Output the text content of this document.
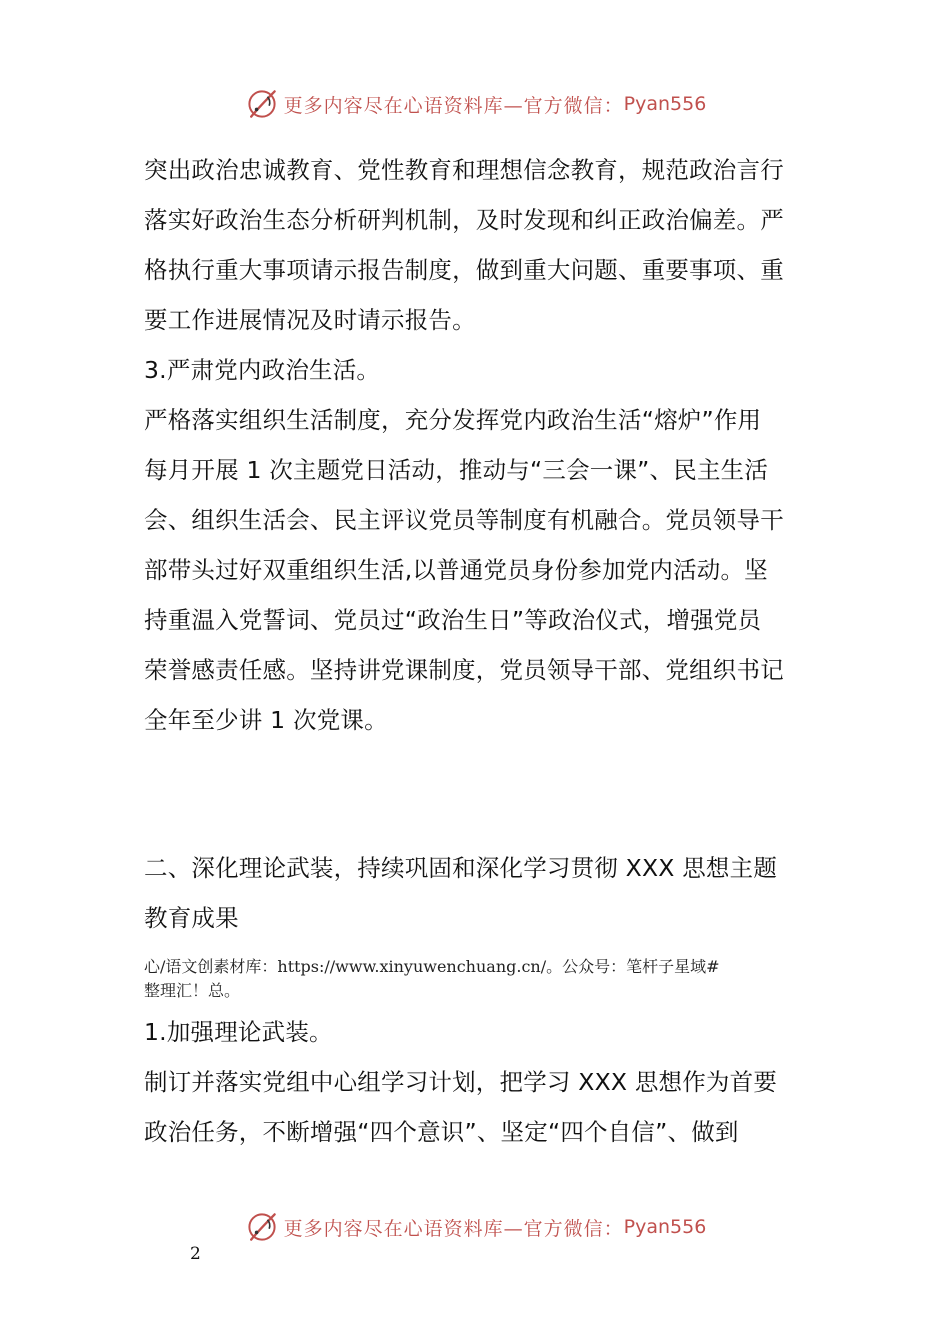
更多内容尽在心语资料库—官方微信： Pyan556
突出政治忠诚教育、党性教育和理想信念教育，规范政治言行
落实好政治生态分析研判机制，及时发现和纠正政治偏差。严
格执行重大事项请示报告制度，做到重大问题、重要事项、重
要工作进展情况及时请示报告。
3.严肃党内政治生活。
严格落实组织生活制度，充分发挥党内政治生活“熔炉”作用
每月开展 1 次主题党日活动，推动与“三会一课”、民主生活
会、组织生活会、民主评议党员等制度有机融合。党员领导干
部带头过好双重组织生活,以普通党员身份参加党内活动。坚
持重温入党誓词、党员过“政治生日”等政治仪式，增强党员
荣誉感责任感。坚持讲党课制度，党员领导干部、党组织书记
全年至少讲 1 次党课。
二、深化理论武装，持续巩固和深化学习贯彻 XXX 思想主题
教育成果
心/语文创素材库：https://www.xinyuwenchuang.cn/。公众号：笔杆子星域#
整理汇！总。
1.加强理论武装。
制订并落实党组中心组学习计划，把学习 XXX 思想作为首要
政治任务，不断增强“四个意识”、坚定“四个自信”、做到
更多内容尽在心语资料库—官方微信： Pyan556
2
